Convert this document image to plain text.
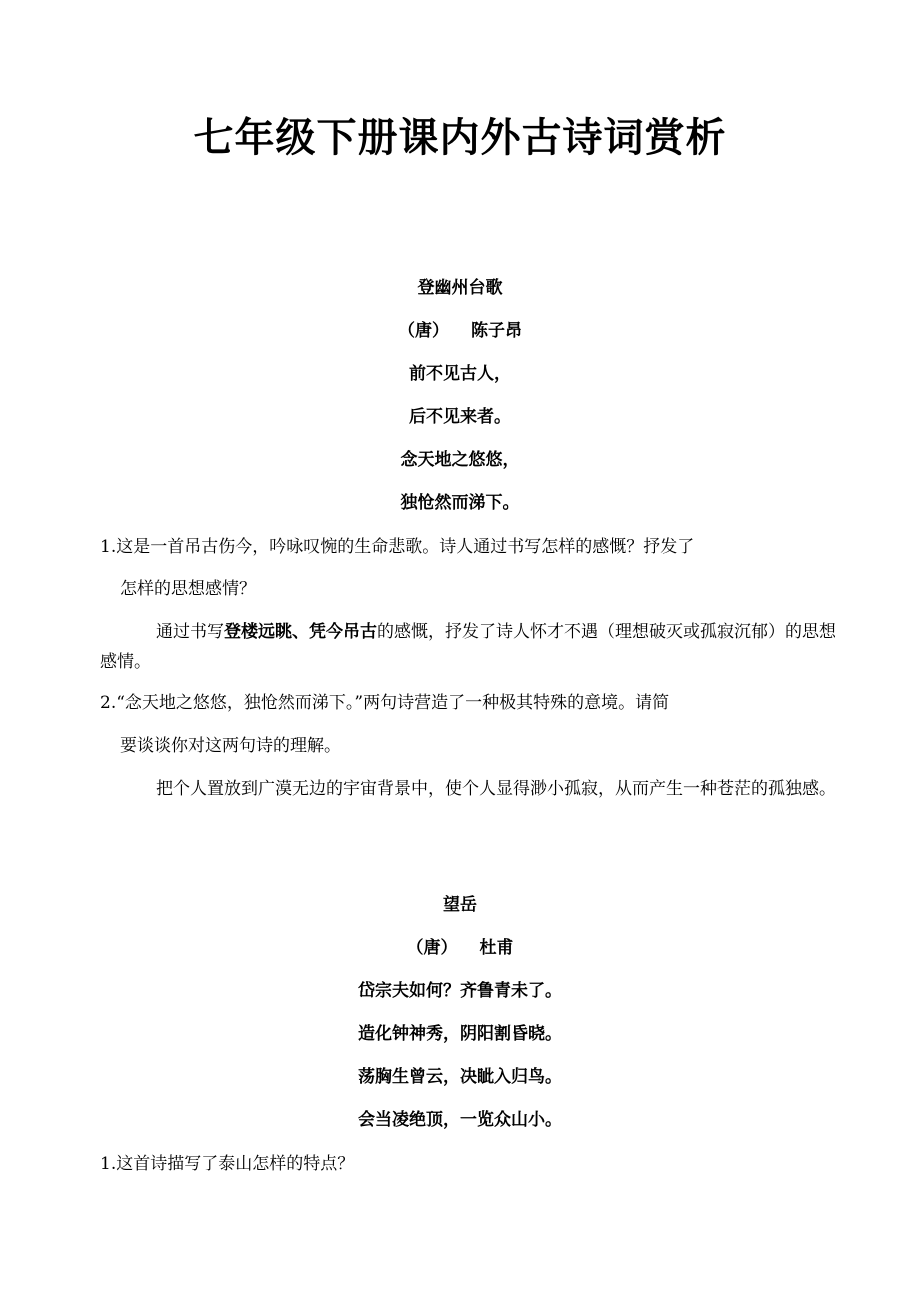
七年级下册课内外古诗词赏析
登幽州台歌
（唐） 陈子昂
前不见古人，
后不见来者。
念天地之悠悠，
独怆然而涕下。
1.这是一首吊古伤今，吟咏叹惋的生命悲歌。诗人通过书写怎样的感慨？抒发了
怎样的思想感情？
通过书写登楼远眺、凭今吊古的感慨，抒发了诗人怀才不遇（理想破灭或孤寂沉郁）的思想感情。
2.“念天地之悠悠，独怆然而涕下。”两句诗营造了一种极其特殊的意境。请简
要谈谈你对这两句诗的理解。
把个人置放到广漠无边的宇宙背景中，使个人显得渺小孤寂，从而产生一种苍茫的孤独感。
望岳
（唐） 杜甫
岱宗夫如何？齐鲁青未了。
造化钟神秀，阴阳割昏晓。
荡胸生曾云，决眦入归鸟。
会当凌绝顶，一览众山小。
1.这首诗描写了泰山怎样的特点？
